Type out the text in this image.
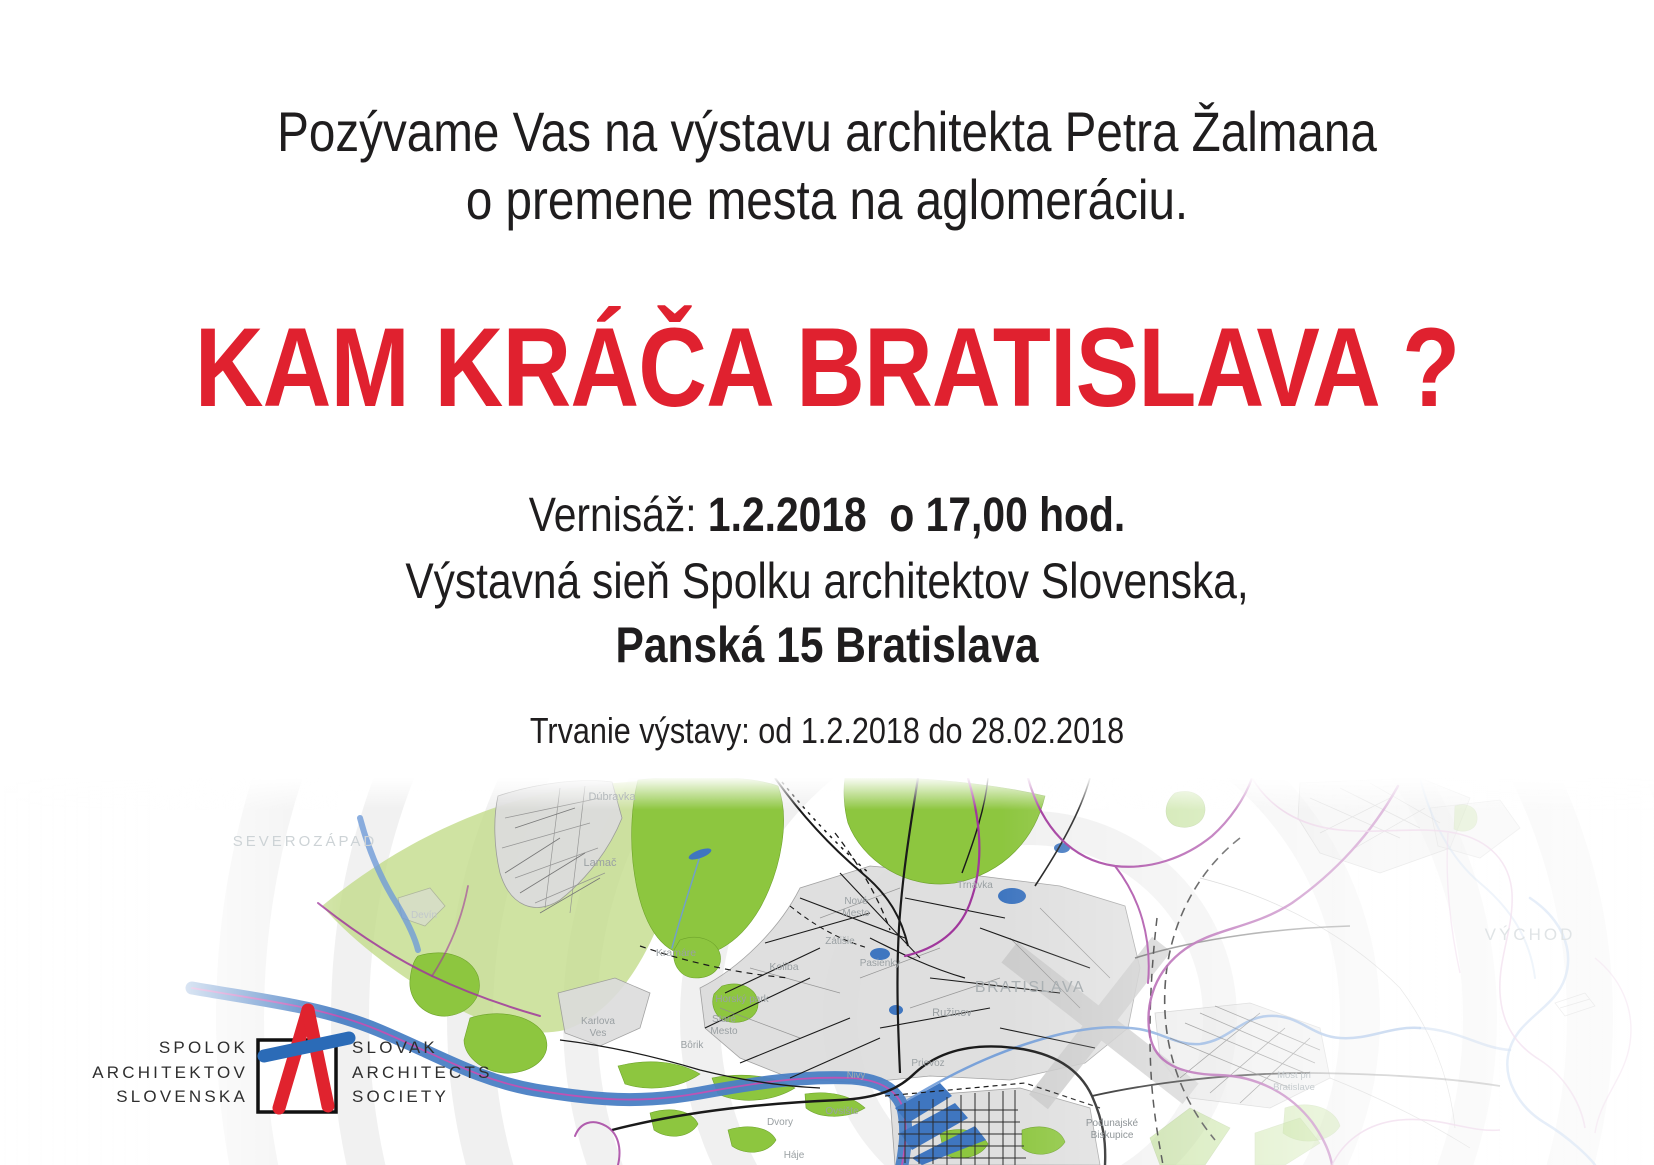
Pozývame Vas na výstavu architekta Petra Žalmana
o premene mesta na aglomeráciu.
KAM KRÁČA BRATISLAVA ?
Vernisáž: 1.2.2018  o 17,00 hod.
Výstavná sieň Spolku architektov Slovenska,
Panská 15 Bratislava
Trvanie výstavy: od 1.2.2018 do 28.02.2018
SEVEROZÁPAD
Dúbravka
Lamač
Devín
Kramáre
Koliba
Horský park
Nové
Mesto
Zátišie
Pasienky
Trnávka
BRATISLAVA
Ružinov
Nivy
Prievoz
Karlova
Ves
Bôrik
Staré
Mesto
Dvory
Ovsište
Háje
Podunajské
Biskupice
Most pri
Bratislave
VÝCHOD
SPOLOK
ARCHITEKTOV
SLOVENSKA
SLOVAK
ARCHITECTS
SOCIETY
